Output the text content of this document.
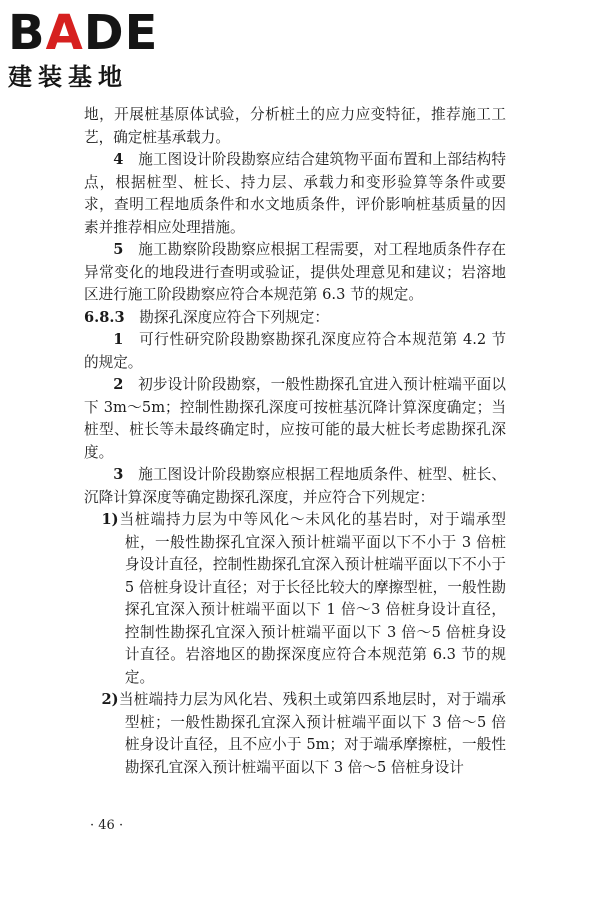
BADE
建装基地

地，开展桩基原体试验，分析桩土的应力应变特征，推荐施工工艺，确定桩基承载力。

4　 施工图设计阶段勘察应结合建筑物平面布置和上部结构特点，根据桩型、桩长、持力层、承载力和变形验算等条件或要求，查明工程地质条件和水文地质条件，评价影响桩基质量的因素并推荐相应处理措施。

5　 施工勘察阶段勘察应根据工程需要，对工程地质条件存在异常变化的地段进行查明或验证，提供处理意见和建议；岩溶地区进行施工阶段勘察应符合本规范第 6.3 节的规定。

6.8.3　 勘探孔深度应符合下列规定：

1　 可行性研究阶段勘察勘探孔深度应符合本规范第 4.2 节的规定。

2　 初步设计阶段勘察，一般性勘探孔宜进入预计桩端平面以下 3m～5m；控制性勘探孔深度可按桩基沉降计算深度确定；当桩型、桩长等未最终确定时，应按可能的最大桩长考虑勘探孔深度。

3　 施工图设计阶段勘察应根据工程地质条件、桩型、桩长、沉降计算深度等确定勘探孔深度，并应符合下列规定：

1)当桩端持力层为中等风化～未风化的基岩时，对于端承型桩，一般性勘探孔宜深入预计桩端平面以下不小于 3 倍桩身设计直径，控制性勘探孔宜深入预计桩端平面以下不小于 5 倍桩身设计直径；对于长径比较大的摩擦型桩，一般性勘探孔宜深入预计桩端平面以下 1 倍～3 倍桩身设计直径，控制性勘探孔宜深入预计桩端平面以下 3 倍～5 倍桩身设计直径。岩溶地区的勘探深度应符合本规范第 6.3 节的规定。

2)当桩端持力层为风化岩、残积土或第四系地层时，对于端承型桩；一般性勘探孔宜深入预计桩端平面以下 3 倍～5 倍桩身设计直径，且不应小于 5m；对于端承摩擦桩，一般性勘探孔宜深入预计桩端平面以下 3 倍～5 倍桩身设计

· 46 ·
